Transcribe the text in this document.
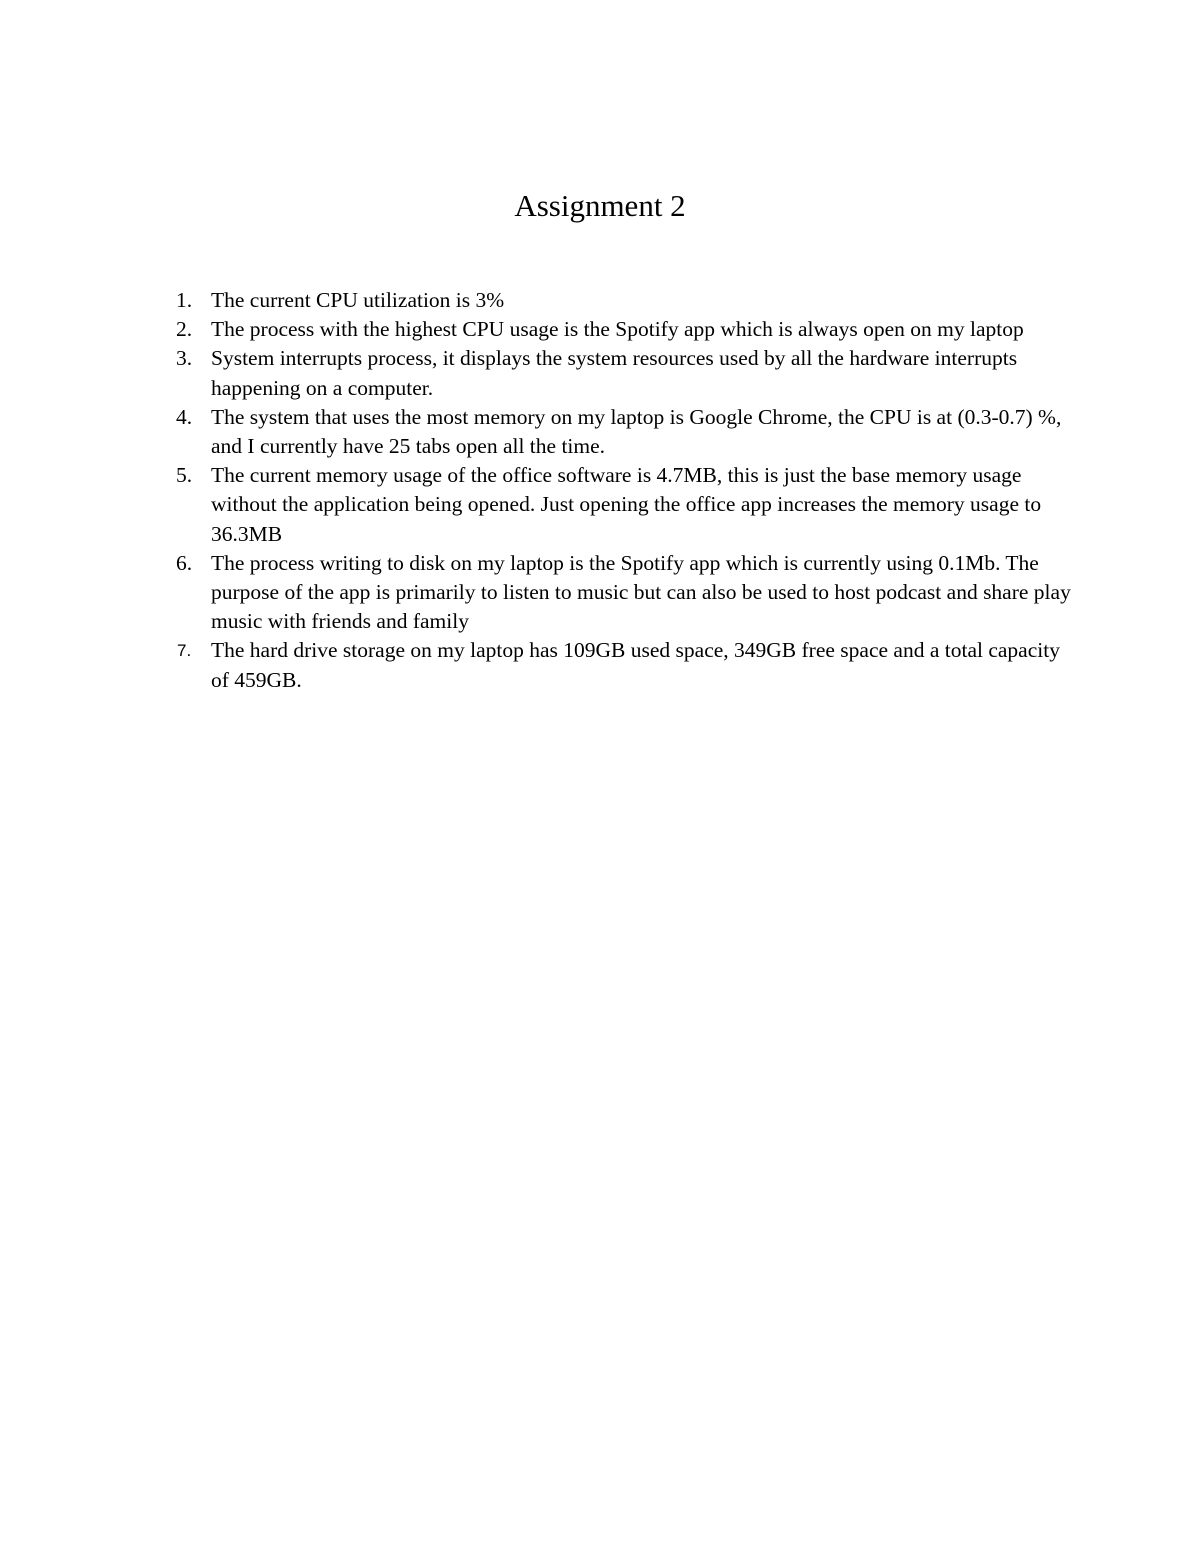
Assignment 2
1. The current CPU utilization is 3%
2. The process with the highest CPU usage is the Spotify app which is always open on my laptop
3. System interrupts process, it displays the system resources used by all the hardware interrupts happening on a computer.
4. The system that uses the most memory on my laptop is Google Chrome, the CPU is at (0.3-0.7) %, and I currently have 25 tabs open all the time.
5. The current memory usage of the office software is 4.7MB, this is just the base memory usage without the application being opened. Just opening the office app increases the memory usage to 36.3MB
6. The process writing to disk on my laptop is the Spotify app which is currently using 0.1Mb. The purpose of the app is primarily to listen to music but can also be used to host podcast and share play music with friends and family
7. The hard drive storage on my laptop has 109GB used space, 349GB free space and a total capacity of 459GB.
